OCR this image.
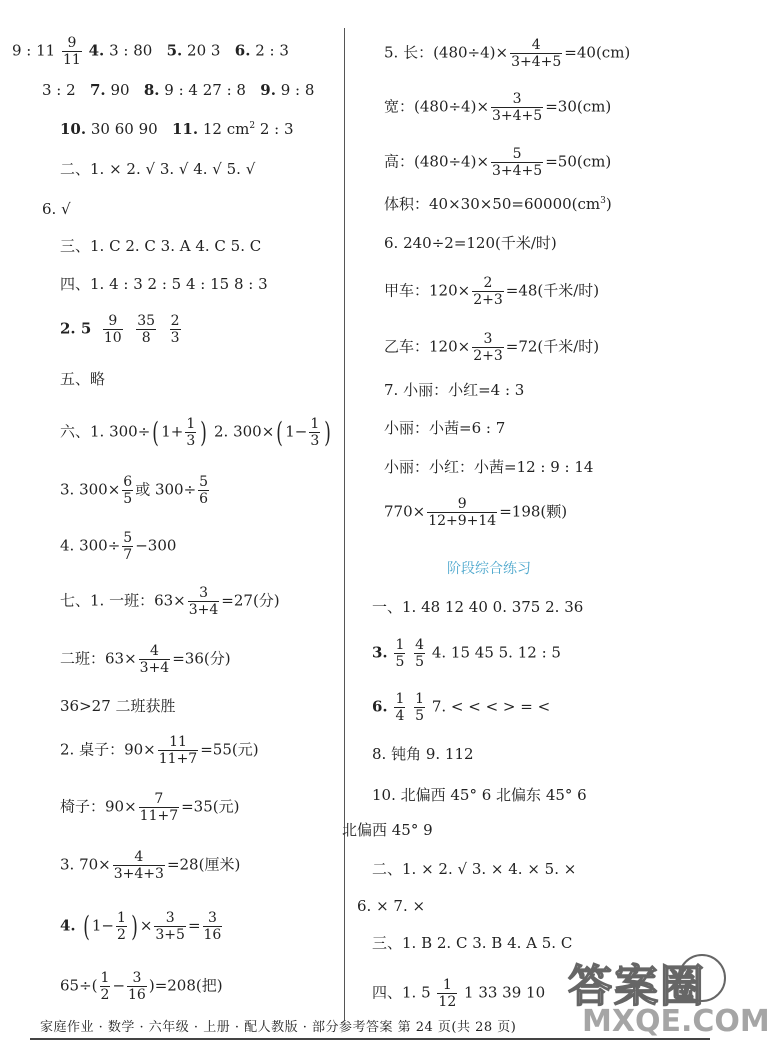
9 : $11 \frac{9}{11} 4$. 3 : 80 5. 20 3 6. 2 : 3
3 : 2 7. 90 8. 9 : 4 27 : 8 9. 9 : 8
10. 30 60 90 11. 12 $cm^2$ 2 : 3
二、1. × 2. √ 3. √ 4. √ 5. √
6. √
三、1. C 2. C 3. A 4. C 5. C
四、1. 4 : 3 2 : 5 4 : 15 8 : 3
2. $5 \frac{9}{10}$
$\frac{35}{8}$
$\frac{2}{3}$
五、略
六、1. 300÷( $1+ \frac{1}{3}$ ) 2. 300×( $1- \frac{1}{3}$ )
3. $300\times \frac{6}{5}$ 或 $300\div \frac{5}{6}$
4. $300\div \frac{5}{7} -300$
七、1. 一班：$63\times \frac{3}{3+4} =27$(分)
二班：$63\times \frac{4}{3+4} =36$(分)
36>27 二班获胜
2. 桌子：$90\times \frac{11}{11+7} =55$(元)
椅子：$90\times \frac{7}{11+7} =35$(元)
3. $70\times \frac{4}{3+4+3} =28$(厘米)
4. ( $1- \frac{1}{2}$ ) × $\frac{3}{3+5} = \frac{3}{16}$
$65\div( \frac{1}{2} - \frac{3}{16} )=208$(把)
5. 长：$(480\div 4)\times \frac{4}{3+4+5} =40(cm)$
宽：$(480\div 4)\times \frac{3}{3+4+5} =30(cm)$
高：$(480\div 4)\times \frac{5}{3+4+5} =50(cm)$
体积：$40\times 30\times 50=60000(cm^3)$
6. 240÷2=120(千米/时)
甲车：$120\times \frac{2}{2+3} =48$(千米/时)
乙车：$120\times \frac{3}{2+3} =72$(千米/时)
7. 小丽：小红=4 : 3
小丽：小茜=6 : 7
小丽：小红：小茜=12 : 9 : 14
$770\times \frac{9}{12+9+14} =198$(颗)
阶段综合练习
一、1. 48 12 40 0. 375 2. 36
3. $\frac{1}{5}$
$\frac{4}{5} 4$. 15 45 5. 12 : 5
6. $\frac{1}{4}$
$\frac{1}{5} 7$. < < < > = <
8. 钝角 9. 112
10. 北偏西 45° 6 北偏东 45° 6
北偏西 45° 9
二、1. × 2. √ 3. × 4. × 5. ×
6. × 7. ×
三、1. B 2. C 3. B 4. A 5. C
四、1. $5 \frac{1}{12} 1$ 33 39 10
家庭作业 · 数学 · 六年级 · 上册 · 配人教版 · 部分参考答案 第 24 页(共 28 页)
答案圈
MXQE.COM
